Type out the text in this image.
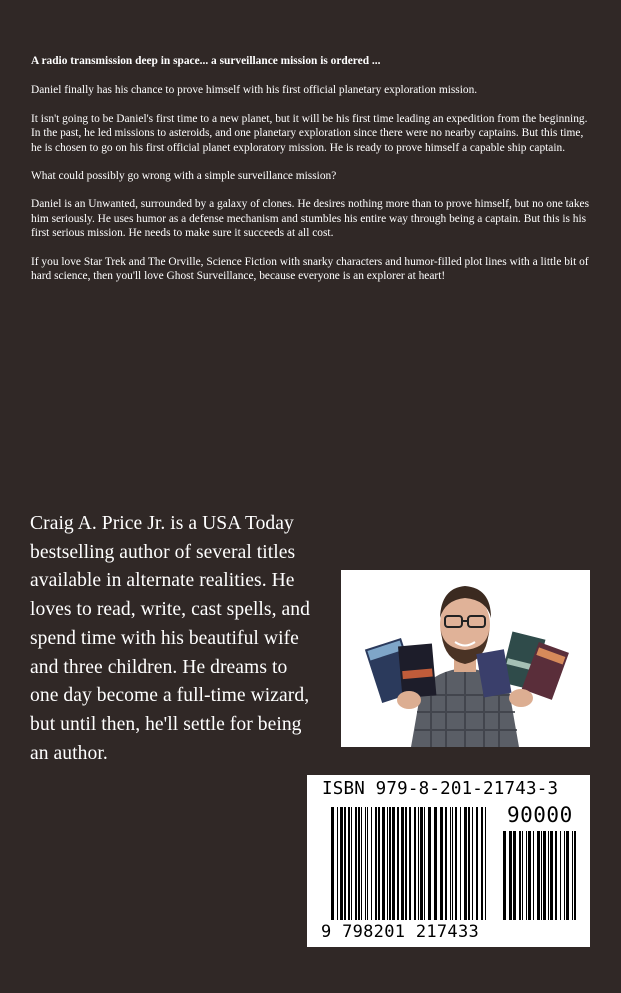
A radio transmission deep in space... a surveillance mission is ordered ...

Daniel finally has his chance to prove himself with his first official planetary exploration mission.

It isn't going to be Daniel's first time to a new planet, but it will be his first time leading an expedition from the beginning. In the past, he led missions to asteroids, and one planetary exploration since there were no nearby captains. But this time, he is chosen to go on his first official planet exploratory mission. He is ready to prove himself a capable ship captain.

What could possibly go wrong with a simple surveillance mission?

Daniel is an Unwanted, surrounded by a galaxy of clones. He desires nothing more than to prove himself, but no one takes him seriously. He uses humor as a defense mechanism and stumbles his entire way through being a captain. But this is his first serious mission. He needs to make sure it succeeds at all cost.

If you love Star Trek and The Orville, Science Fiction with snarky characters and humor-filled plot lines with a little bit of hard science, then you'll love Ghost Surveillance, because everyone is an explorer at heart!

Craig A. Price Jr. is a USA Today
bestselling author of several titles
available in alternate realities. He
loves to read, write, cast spells, and
spend time with his beautiful wife
and three children. He dreams to
one day become a full-time wizard,
but until then, he'll settle for being
an author.
ISBN 979-8-201-21743-3
90000
9 798201 217433
